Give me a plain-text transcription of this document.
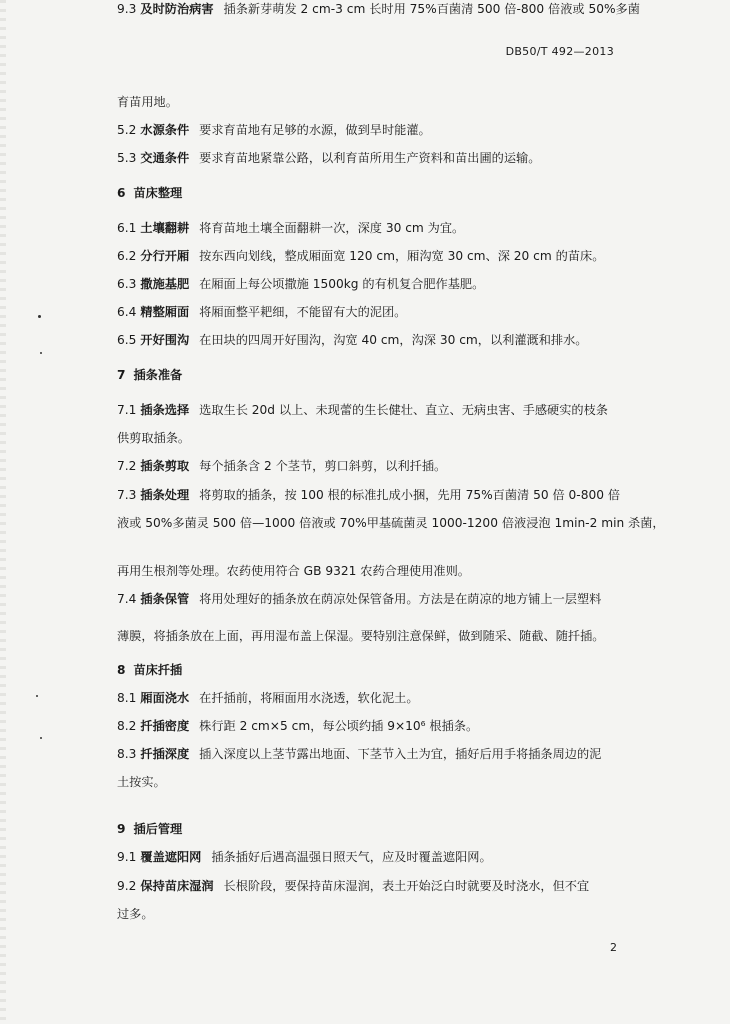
DB50/T 492—2013
育苗用地。
5.2 水源条件 要求育苗地有足够的水源，做到旱时能灌。
5.3 交通条件 要求育苗地紧靠公路，以利育苗所用生产资料和苗出圃的运输。
6 苗床整理
6.1 土壤翻耕 将育苗地土壤全面翻耕一次，深度 30 cm 为宜。
6.2 分行开厢 按东西向划线，整成厢面宽 120 cm，厢沟宽 30 cm、深 20 cm 的苗床。
6.3 撒施基肥 在厢面上每公顷撒施 1500kg 的有机复合肥作基肥。
6.4 精整厢面 将厢面整平耙细，不能留有大的泥团。
6.5 开好围沟 在田块的四周开好围沟，沟宽 40 cm，沟深 30 cm，以利灌溉和排水。
7 插条准备
7.1 插条选择 选取生长 20d 以上、未现蕾的生长健壮、直立、无病虫害、手感硬实的枝条
供剪取插条。
7.2 插条剪取 每个插条含 2 个茎节，剪口斜剪，以利扦插。
7.3 插条处理 将剪取的插条，按 100 根的标准扎成小捆，先用 75%百菌清 50 倍 0-800 倍
液或 50%多菌灵 500 倍—1000 倍液或 70%甲基硫菌灵 1000-1200 倍液浸泡 1min-2 min 杀菌，
再用生根剂等处理。农药使用符合 GB 9321 农药合理使用准则。
7.4 插条保管 将用处理好的插条放在荫凉处保管备用。方法是在荫凉的地方铺上一层塑料
薄膜，将插条放在上面，再用湿布盖上保湿。要特别注意保鲜，做到随采、随截、随扦插。
8 苗床扦插
8.1 厢面浇水 在扦插前，将厢面用水浇透，软化泥土。
8.2 扦插密度 株行距 2 cm×5 cm，每公顷约插 9×10⁶ 根插条。
8.3 扦插深度 插入深度以上茎节露出地面、下茎节入土为宜，插好后用手将插条周边的泥
土按实。
9 插后管理
9.1 覆盖遮阳网 插条插好后遇高温强日照天气，应及时覆盖遮阳网。
9.2 保持苗床湿润 长根阶段，要保持苗床湿润，表土开始泛白时就要及时浇水，但不宜
过多。
9.3 及时防治病害 插条新芽萌发 2 cm-3 cm 长时用 75%百菌清 500 倍-800 倍液或 50%多菌
2
